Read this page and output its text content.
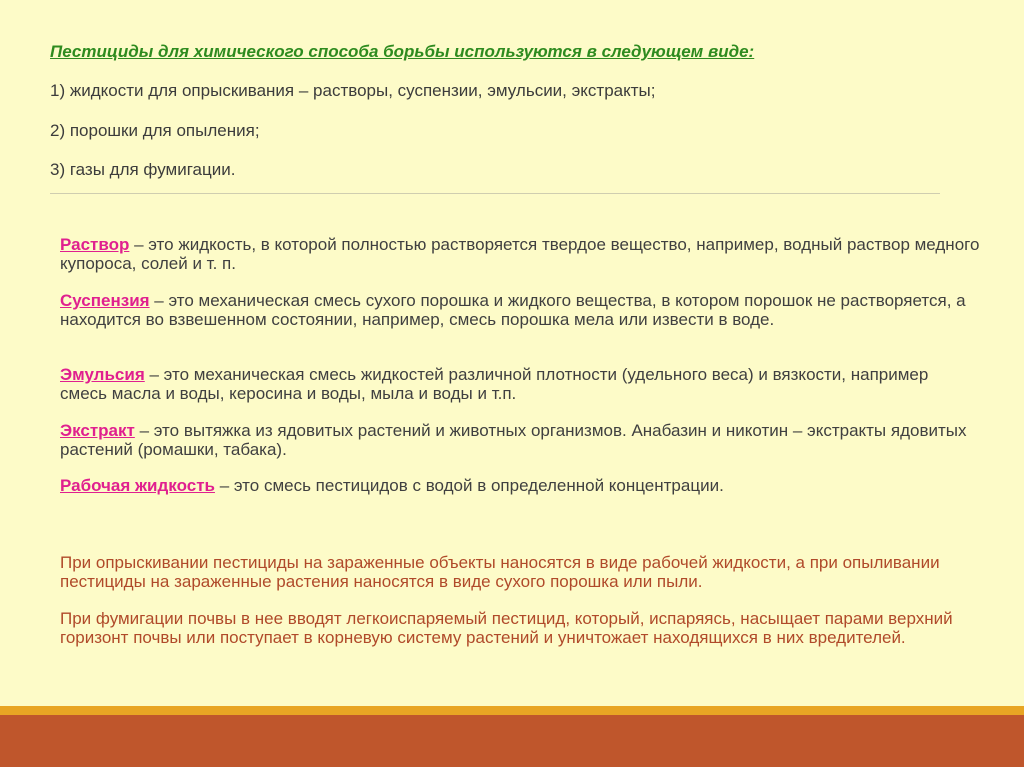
Пестициды для химического способа борьбы используются в следующем виде:
1) жидкости для опрыскивания – растворы, суспензии, эмульсии, экстракты;
2) порошки для опыления;
3) газы для фумигации.
Раствор – это жидкость, в которой полностью растворяется твердое вещество, например, водный раствор медного купороса, солей и т. п.
Суспензия – это механическая смесь сухого порошка и жидкого вещества, в котором порошок не растворяется, а находится во взвешенном состоянии, например, смесь порошка мела или извести в воде.
Эмульсия – это механическая смесь жидкостей различной плотности (удельного веса) и вязкости, например смесь масла и воды, керосина и воды, мыла и воды и т.п.
Экстракт – это вытяжка из ядовитых растений и животных организмов. Анабазин и никотин – экстракты ядовитых растений (ромашки, табака).
Рабочая жидкость – это смесь пестицидов с водой в определенной концентрации.
При опрыскивании пестициды на зараженные объекты наносятся в виде рабочей жидкости, а при опыливании пестициды на зараженные растения наносятся в виде сухого порошка или пыли.
При фумигации почвы в нее вводят легкоиспаряемый пестицид, который, испаряясь, насыщает парами верхний горизонт почвы или поступает в корневую систему растений и уничтожает находящихся в них вредителей.
